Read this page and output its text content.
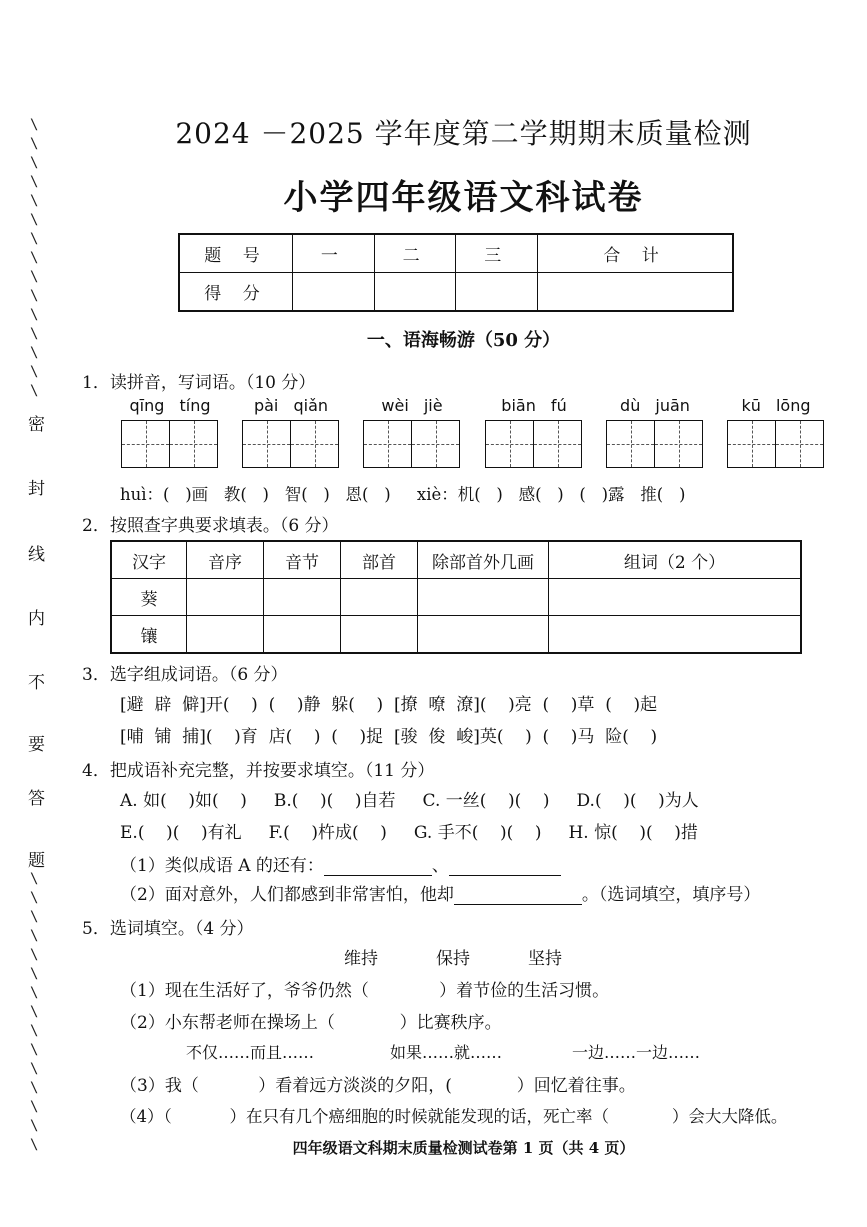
\
\
\
\
\
\
\
\
\
\
\
\
\
\
\
\
\
\
\
\
\
\
\
\
\
\
\
\
\
\
密
封
线
内
不
要
答
题
2024 －2025 学年度第二学期期末质量检测
小学四年级语文科试卷
题 号	一	二	三	合 计
得 分				
一、语海畅游（50 分）
1．读拼音，写词语。（10 分）
qīng tíng	pài qiǎn	wèi jiè	biān fú	dù juān	kū lōng
huì：(   )画   教(   )   智(   )   恩(   )     xiè：机(   )   感(   )   (   )露   推(   )
2．按照查字典要求填表。（6 分）
汉字	音序	音节	部首	除部首外几画	组词（2 个）
葵					
镶					
3．选字组成词语。（6 分）
[避  辟  僻]开(    )  (    )静  躲(    )  [撩  嘹  潦](    )亮  (    )草  (    )起
[哺  铺  捕](    )育  店(    )  (    )捉  [骏  俊  峻]英(    )  (    )马  险(    )
4．把成语补充完整，并按要求填空。（11 分）
A. 如(    )如(    )     B.(    )(    )自若     C. 一丝(    )(    )     D.(    )(    )为人
E.(    )(    )有礼     F.(    )杵成(    )     G. 手不(    )(    )     H. 惊(    )(    )措
（1）类似成语 A 的还有：	、
（2）面对意外，人们都感到非常害怕，他却	。（选词填空，填序号）
5．选词填空。（4 分）
维持	保持	坚持
（1）现在生活好了，爷爷仍然（             ）着节俭的生活习惯。
（2）小东帮老师在操场上（            ）比赛秩序。
不仅……而且……	如果……就……	一边……一边……
（3）我（           ）看着远方淡淡的夕阳，(            ）回忆着往事。
（4）（           ）在只有几个癌细胞的时候就能发现的话，死亡率（            ）会大大降低。
四年级语文科期末质量检测试卷第 1 页（共 4 页）
